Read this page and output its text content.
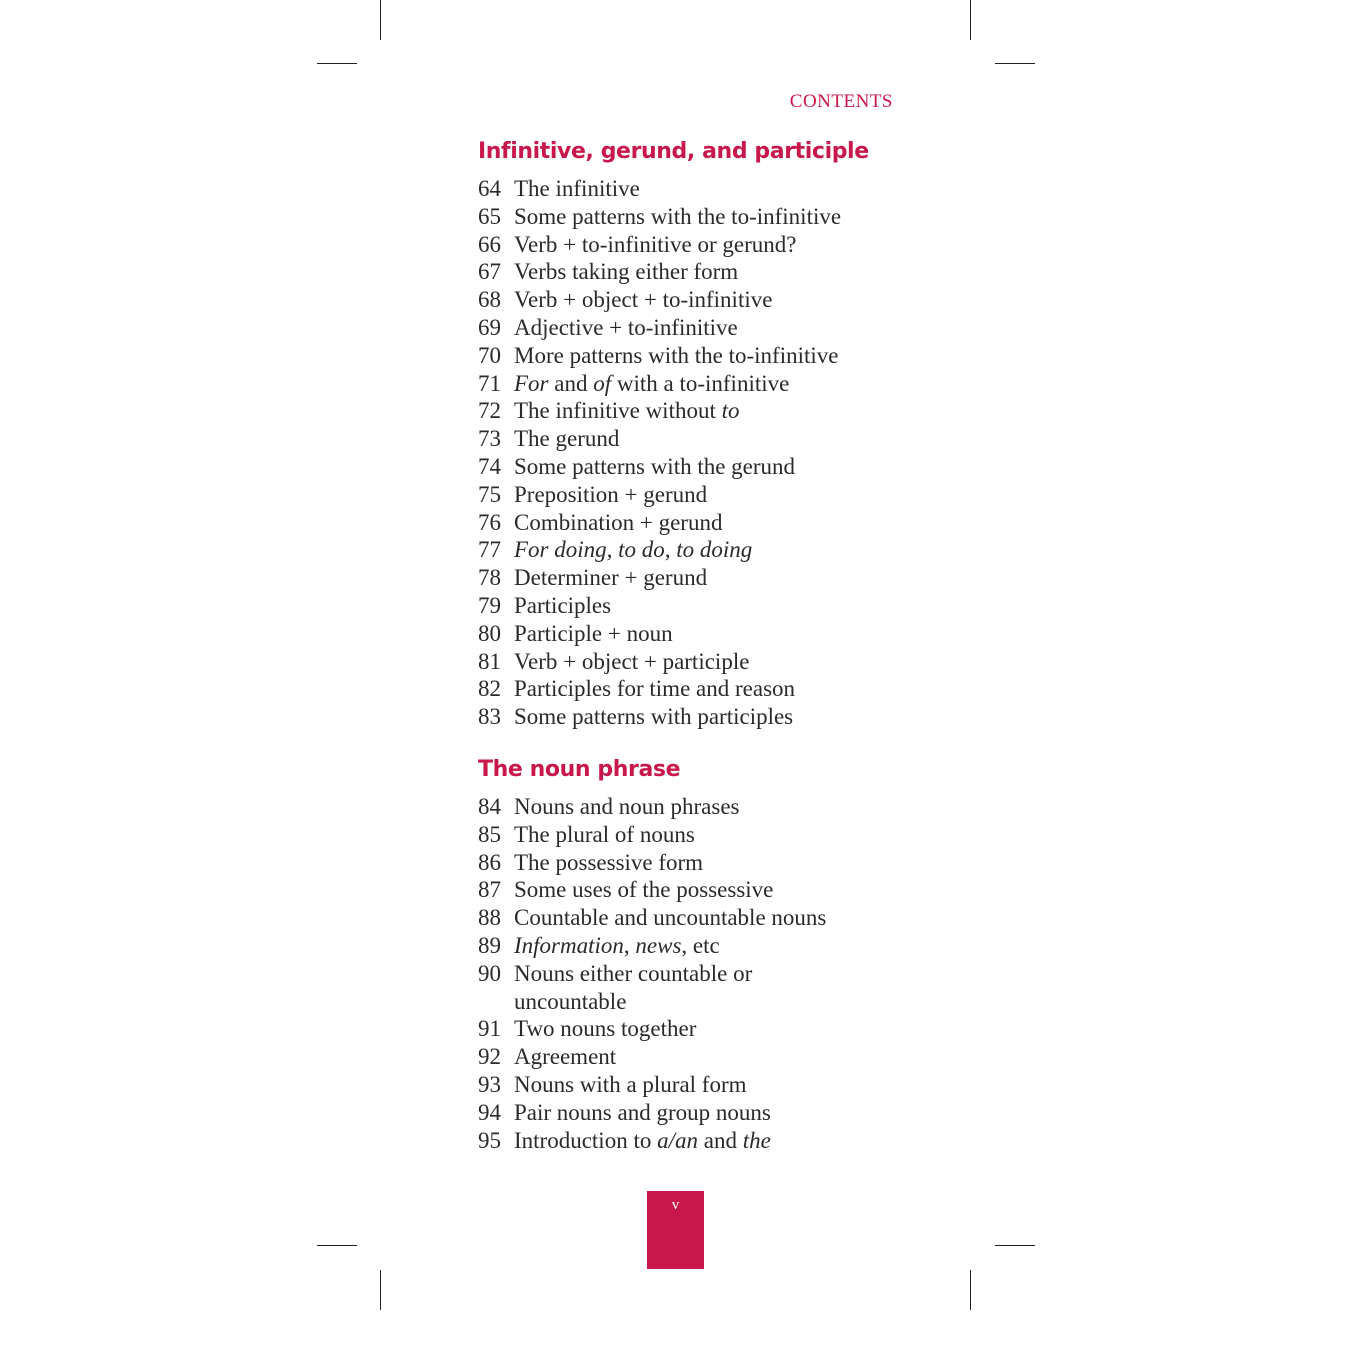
CONTENTS
Infinitive, gerund, and participle
64 The infinitive
65 Some patterns with the to-infinitive
66 Verb + to-infinitive or gerund?
67 Verbs taking either form
68 Verb + object + to-infinitive
69 Adjective + to-infinitive
70 More patterns with the to-infinitive
71 For and of with a to-infinitive
72 The infinitive without to
73 The gerund
74 Some patterns with the gerund
75 Preposition + gerund
76 Combination + gerund
77 For doing, to do, to doing
78 Determiner + gerund
79 Participles
80 Participle + noun
81 Verb + object + participle
82 Participles for time and reason
83 Some patterns with participles
The noun phrase
84 Nouns and noun phrases
85 The plural of nouns
86 The possessive form
87 Some uses of the possessive
88 Countable and uncountable nouns
89 Information, news, etc
90 Nouns either countable or
uncountable
91 Two nouns together
92 Agreement
93 Nouns with a plural form
94 Pair nouns and group nouns
95 Introduction to a/an and the
v
